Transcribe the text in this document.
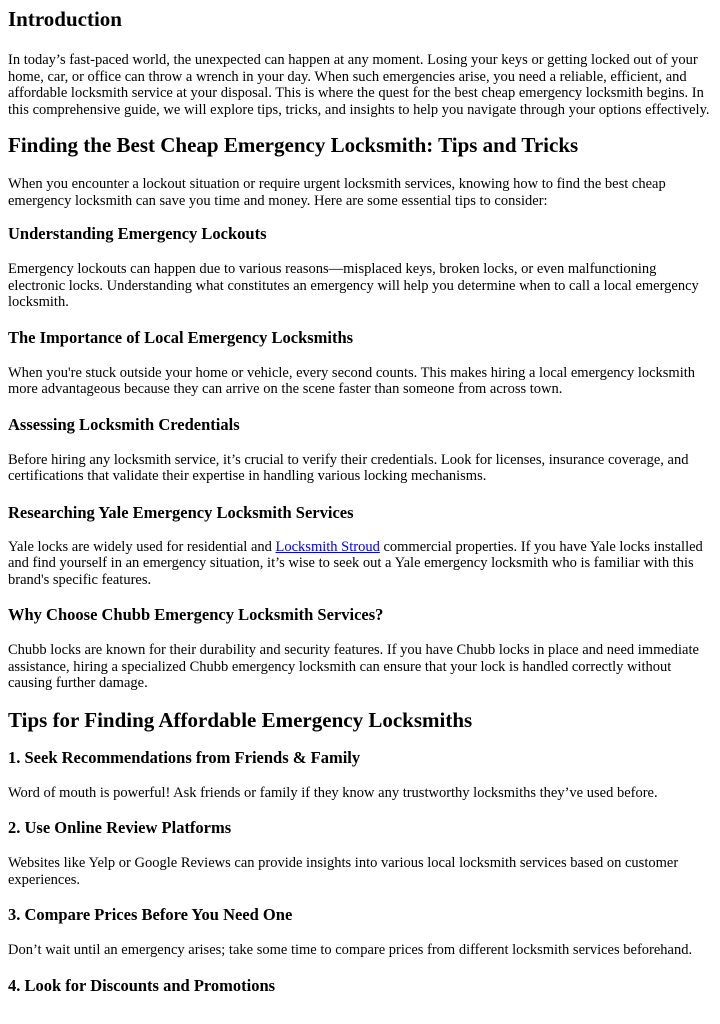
Introduction

In today’s fast-paced world, the unexpected can happen at any moment. Losing your keys or getting locked out of your home, car, or office can throw a wrench in your day. When such emergencies arise, you need a reliable, efficient, and affordable locksmith service at your disposal. This is where the quest for the best cheap emergency locksmith begins. In this comprehensive guide, we will explore tips, tricks, and insights to help you navigate through your options effectively.

Finding the Best Cheap Emergency Locksmith: Tips and Tricks

When you encounter a lockout situation or require urgent locksmith services, knowing how to find the best cheap emergency locksmith can save you time and money. Here are some essential tips to consider:

Understanding Emergency Lockouts

Emergency lockouts can happen due to various reasons—misplaced keys, broken locks, or even malfunctioning electronic locks. Understanding what constitutes an emergency will help you determine when to call a local emergency locksmith.

The Importance of Local Emergency Locksmiths

When you're stuck outside your home or vehicle, every second counts. This makes hiring a local emergency locksmith more advantageous because they can arrive on the scene faster than someone from across town.

Assessing Locksmith Credentials

Before hiring any locksmith service, it’s crucial to verify their credentials. Look for licenses, insurance coverage, and certifications that validate their expertise in handling various locking mechanisms.

Researching Yale Emergency Locksmith Services

Yale locks are widely used for residential and Locksmith Stroud commercial properties. If you have Yale locks installed and find yourself in an emergency situation, it’s wise to seek out a Yale emergency locksmith who is familiar with this brand's specific features.

Why Choose Chubb Emergency Locksmith Services?

Chubb locks are known for their durability and security features. If you have Chubb locks in place and need immediate assistance, hiring a specialized Chubb emergency locksmith can ensure that your lock is handled correctly without causing further damage.

Tips for Finding Affordable Emergency Locksmiths
1. Seek Recommendations from Friends & Family

Word of mouth is powerful! Ask friends or family if they know any trustworthy locksmiths they’ve used before.

2. Use Online Review Platforms

Websites like Yelp or Google Reviews can provide insights into various local locksmith services based on customer experiences.

3. Compare Prices Before You Need One

Don’t wait until an emergency arises; take some time to compare prices from different locksmith services beforehand.

4. Look for Discounts and Promotions
